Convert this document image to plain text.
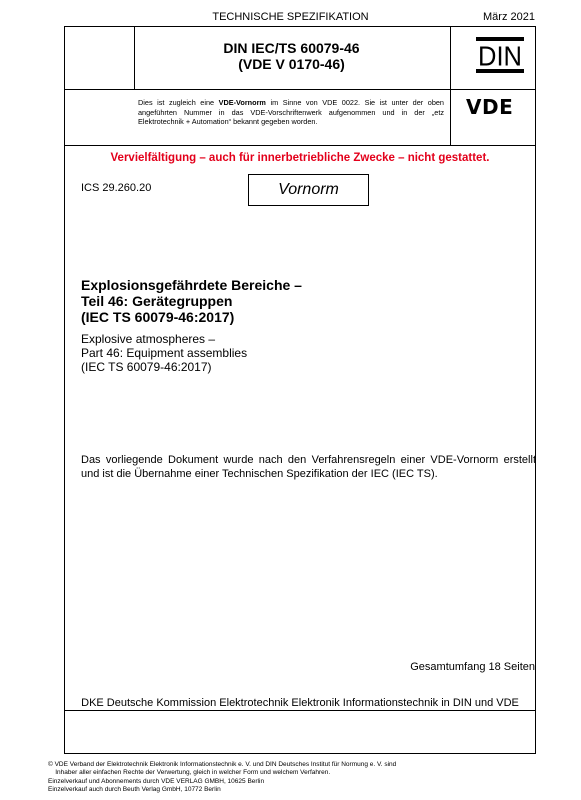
TECHNISCHE SPEZIFIKATION	März 2021
DIN IEC/TS 60079-46
(VDE V 0170-46)	DIN
Dies ist zugleich eine VDE-Vornorm im Sinne von VDE 0022. Sie ist unter der oben angeführten Nummer in das VDE-Vorschriftenwerk aufgenommen und in der „etz Elektrotechnik + Automation“ bekannt gegeben worden.
VDE
Vervielfältigung – auch für innerbetriebliche Zwecke – nicht gestattet.
ICS 29.260.20	Vornorm
Explosionsgefährdete Bereiche –
Teil 46: Gerätegruppen
(IEC TS 60079-46:2017)
Explosive atmospheres –
Part 46: Equipment assemblies
(IEC TS 60079-46:2017)
Das vorliegende Dokument wurde nach den Verfahrensregeln einer VDE-Vornorm erstellt und ist die Übernahme einer Technischen Spezifikation der IEC (IEC TS).
Gesamtumfang 18 Seiten
DKE Deutsche Kommission Elektrotechnik Elektronik Informationstechnik in DIN und VDE
© VDE Verband der Elektrotechnik Elektronik Informationstechnik e. V. und DIN Deutsches Institut für Normung e. V. sind
Inhaber aller einfachen Rechte der Verwertung, gleich in welcher Form und welchem Verfahren.
Einzelverkauf und Abonnements durch VDE VERLAG GMBH, 10625 Berlin
Einzelverkauf auch durch Beuth Verlag GmbH, 10772 Berlin
